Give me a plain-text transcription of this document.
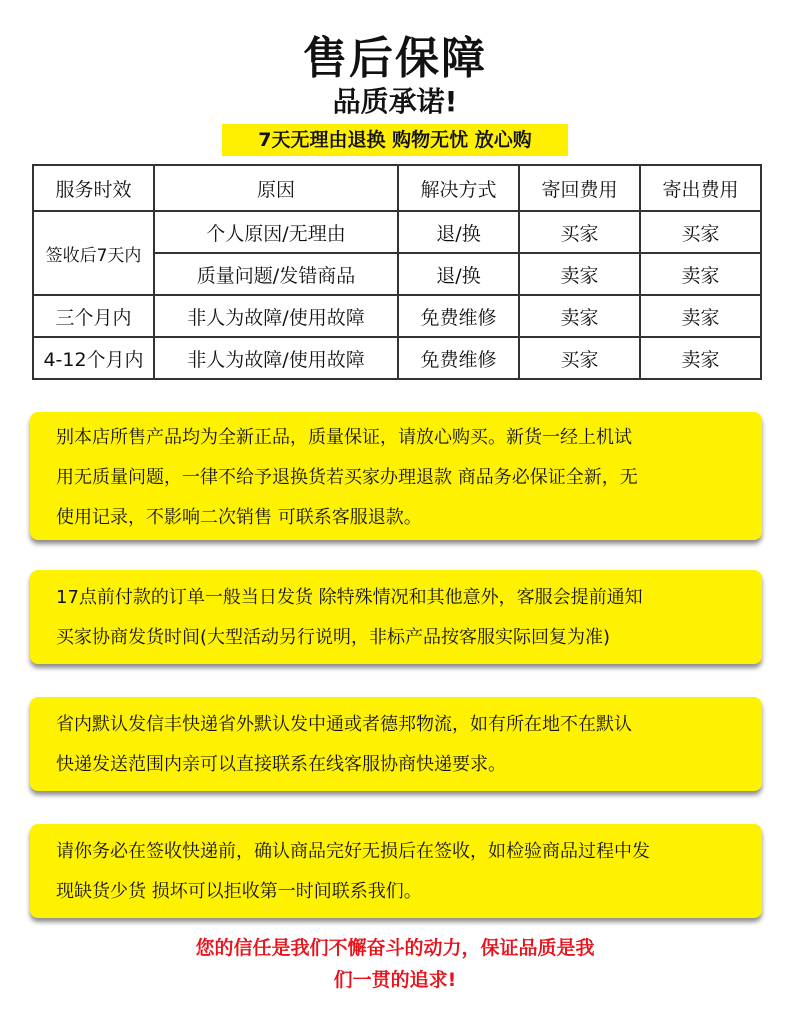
售后保障
品质承诺!
7天无理由退换 购物无忧 放心购
服务时效	原因	解决方式	寄回费用	寄出费用
签收后7天内	个人原因/无理由	退/换	买家	买家
	质量问题/发错商品	退/换	卖家	卖家
三个月内	非人为故障/使用故障	免费维修	卖家	卖家
4-12个月内	非人为故障/使用故障	免费维修	买家	卖家

别本店所售产品均为全新正品，质量保证，请放心购买。新货一经上机试

用无质量问题，一律不给予退换货若买家办理退款 商品务必保证全新，无

使用记录，不影响二次销售 可联系客服退款。

17点前付款的订单一般当日发货 除特殊情况和其他意外，客服会提前通知

买家协商发货时间(大型活动另行说明，非标产品按客服实际回复为准)

省内默认发信丰快递省外默认发中通或者德邦物流，如有所在地不在默认

快递发送范围内亲可以直接联系在线客服协商快递要求。

请你务必在签收快递前，确认商品完好无损后在签收，如检验商品过程中发

现缺货少货 损坏可以拒收第一时间联系我们。

您的信任是我们不懈奋斗的动力，保证品质是我
们一贯的追求!
